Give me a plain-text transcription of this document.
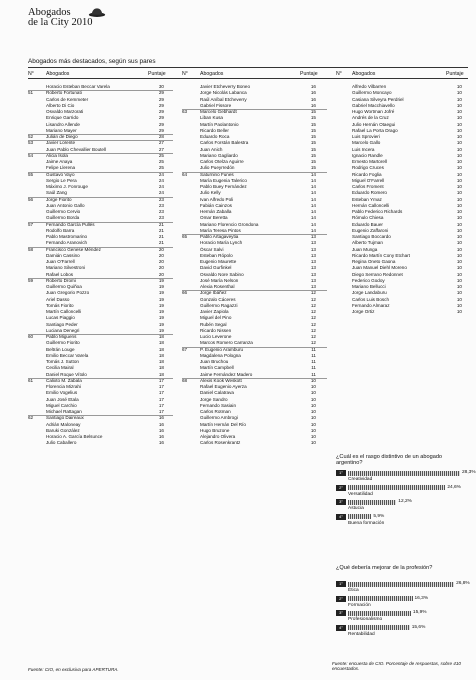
Abogados
de la City 2010
Abogados más destacados, según sus pares
N° Abogados	Puntaje
Horacio Esteban Beccar Varela	30
51	Roberto Fortunati	29
Carlos de Kemmeter	29
Alberto Di Cio	29
Osvaldo Marzorati	29
Enrique Garrido	29
Lisandro Allende	29
Mariano Mayer	29
52	Julián de Diego	28
53	Javier Lorente	27
Juan Pablo Chevallier Boutell	27
54	Alicia Ísola	25
Jaime Anaya	25
Felipe Llerena	25
55	Gustavo Vayo	24
Sergio Le Pera	24
Máximo J. Fonrouge	24
Saúl Zang	24
56	Jorge Fiorito	23
Juan Antonio Gallo	23
Guillermo Cervio	23
Guillermo Borda	23
57	Fernando García Pullés	21
Rodolfo Barra	21
Pablo Mastromarino	21
Fernando Aranovich	21
58	Francisco Genese Méndez	20
Damián Cassino	20
Juan O'Farrell	20
Mariano Silvestroni	20
Rafael Lobos	20
59	Roberto Dromi	19
Guillermo Quiñoa	19
Juan Gregorio Pozzo	19
Ariel Dasso	19
Tomás Fiorito	19
Martín Calloncelli	19
Lucas Piaggio	19
Santiago Peder	19
Luciana Denegri	19
60	Pablo Miguens	18
Guillermo Fiorito	18
Beltrán Louge	18
Emilio Beccar Varela	18
Tomás J. Sutton	18
Cecilia Mairal	18
Daniel Roque Vítolo	18
61	Calixto M. Zabala	17
Florencia Mizrahi	17
Emilio Vogelius	17
Juan José Etala	17
Miguel Carchio	17
Michael Rattagan	17
62	Santiago Daireaux	16
Adrián Maloneay	16
Baruki González	16
Horacio A. García Belsunce	16
Julio Caballero	16
N° Abogados	Puntaje
Javier Etcheverry Boneo	16
Jorge Nicolás Labanca	16
Raúl Aníbal Etcheverry	16
Gabriel Fissore	16
63	Marcelo Gebhardt	15
Liban Kusa	15
Martín Paolantonio	15
Ricardo Beller	15
Eduardo Roca	15
Carlos Forstán Balestra	15
Juan Anich	15
Mariano Gagliardo	15
Carlos Otelza Aguirre	15
Julio Pueyrredón	15
64	Saturnino Funes	14
María Eugenia Talerico	14
Pablo Buey Fernández	14
Julio Kelly	14
Ivan Alfredo Poli	14
Fabián Cainzos	14
Hernán Zaballa	14
Omar Beretta	14
Mariano Florencio Grondona	14
María Teresa Pintos	14
65	Pablo Artagaveytia	13
Horacio María Lynch	13
Óscar Salvi	13
Esteban Rópolo	13
Eugenio Maurette	13
David Gurfinkel	13
Osvaldo Nore Sabino	13
José María Nelson	13
Alexia Rosenthal	13
66	Jorge Ibáñez	12
Gonzalo Cáceres	12
Guillermo Ragazzi	12
Javier Zapiola	12
Miguel del Pino	12
Rubén Segal	12
Ricardo Nissen	12
Lucio Leverone	12
Marcos Romero Carranza	12
67	P. Eugenio Aramburu	11
Magdalena Pologna	11
Juan Bruchou	11
Martín Campbell	11
Jaime Fernández Madero	11
68	Alexis Kook Weskott	10
Rafael Eugenio Ayerza	10
Daniel Calatrava	10
Jorge Sandro	10
Fernando Sasiain	10
Carlos Rotman	10
Guillermo Ambrogi	10
Martín Hernán Del Río	10
Hugo Bruzone	10
Alejandro Olivera	10
Carlos Rosenkrantz	10
N° Abogados	Puntaje
Alfredo Vilbarren	10
Guillermo Moncayo	10
Casiana Silveyra Perdriel	10
Gabriel Macchiavello	10
Hugo Wortman Jofré	10
Andrés de la Cruz	10
Julio Hernán Otaegui	10
Rafael La Porta Drago	10
Luis Sprovieri	10
Marcelo Gallo	10
Luis Incera	10
Ignacio Randle	10
Ernesto Martorell	10
Rodrigo Cruces	10
Ricardo Foglia	10
Miguel O'Farrell	10
Carlos Froment	10
Eduardo Romero	10
Esteban Ymaz	10
Hernán Calloncelli	10
Pablo Federico Richards	10
Rómulo Chiesa	10
Eduardo Bauer	10
Eugenio Zaffaroni	10
Santiago Boccardo	10
Alberto Tujman	10
Juan Munga	10
Ricardo Martín Cony Etchart	10
Regina Oneto Gaona	10
Juan Manuel Diehl Moreno	10
Diego Serrano Redonnet	10
Federico Godoy	10
Mariano Bellucci	10
Jorge Landaburu	10
Carlos Luis Bosch	10
Fernando Almaraz	10
Jorge Ortiz	10
¿Cuál es el rasgo distintivo de un abogado argentino?
1°	28,3%
Creatividad
2°	24,6%
Versatilidad
3°	12,2%
Astucia
4°	5,9%
Buena formación
¿Qué debería mejorar de la profesión?
1°	26,8%
Ética
2°	16,3%
Formación
3°	15,9%
Profesionalismo
4°	15,6%
Rentabilidad
Fuente: CIO, en exclusiva para APERTURA.
Fuente: encuesta de CIO. Porcentaje de respuestas, sobre 410 encuestados.
